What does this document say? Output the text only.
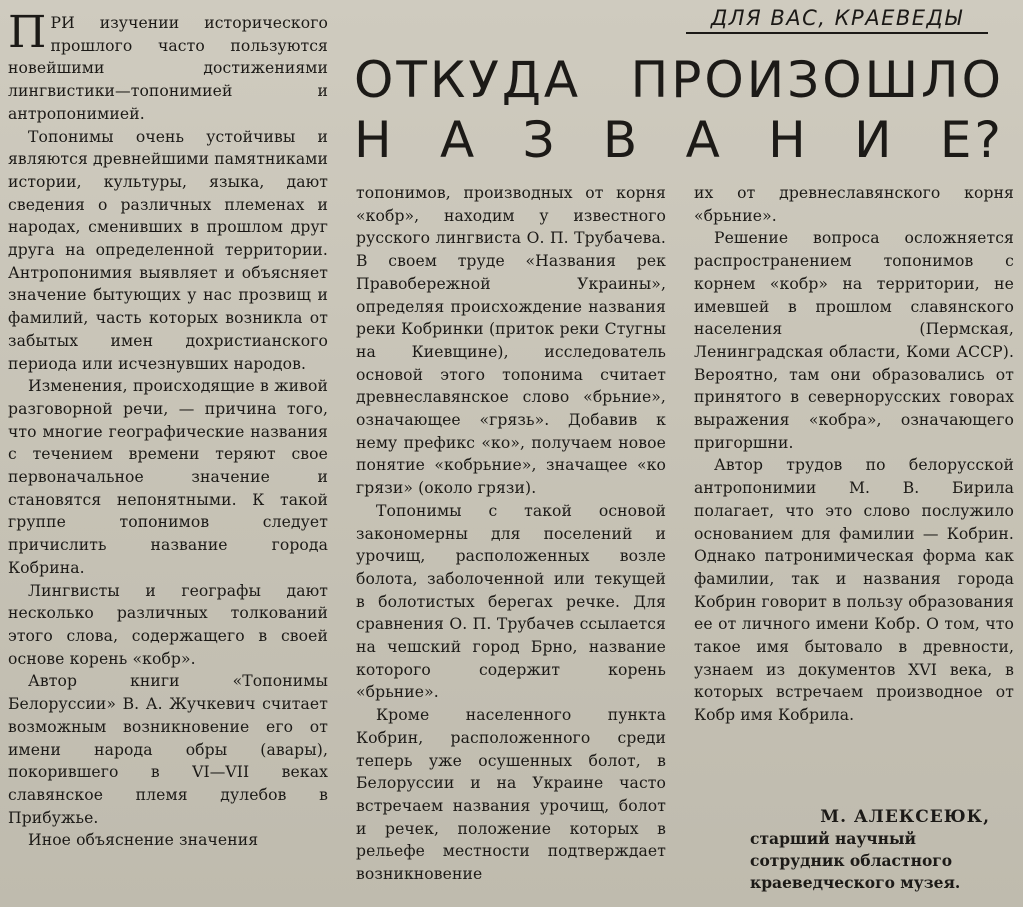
ДЛЯ ВАС, КРАЕВЕДЫ
ОТКУДА ПРОИЗОШЛО
Н А З В А Н И Е?

ПРИ изучении исторического прошлого часто пользуются новейшими достижениями лингвистики—топонимией и антропонимией.

Топонимы очень устойчивы и являются древнейшими памятниками истории, культуры, языка, дают сведения о различных племенах и народах, сменивших в прошлом друг друга на определенной территории. Антропонимия выявляет и объясняет значение бытующих у нас прозвищ и фамилий, часть которых возникла от забытых имен дохристианского периода или исчезнувших народов.

Изменения, происходящие в живой разговорной речи, — причина того, что многие географические названия с течением времени теряют свое первоначальное значение и становятся непонятными. К такой группе топонимов следует причислить название города Кобрина.

Лингвисты и географы дают несколько различных толкований этого слова, содержащего в своей основе корень «кобр».

Автор книги «Топонимы Белоруссии» В. А. Жучкевич считает возможным возникновение его от имени народа обры (авары), покорившего в VI—VII веках славянское племя дулебов в Прибужье.

Иное объяснение значения

топонимов, производных от корня «кобр», находим у известного русского лингвиста О. П. Трубачева. В своем труде «Названия рек Правобережной Украины», определяя происхождение названия реки Кобринки (приток реки Стугны на Киевщине), исследователь основой этого топонима считает древнеславянское слово «брьние», означающее «грязь». Добавив к нему префикс «ко», получаем новое понятие «кобрьние», значащее «ко грязи» (около грязи).

Топонимы с такой основой закономерны для поселений и урочищ, расположенных возле болота, заболоченной или текущей в болотистых берегах речке. Для сравнения О. П. Трубачев ссылается на чешский город Брно, название которого содержит корень «брьние».

Кроме населенного пункта Кобрин, расположенного среди теперь уже осушенных болот, в Белоруссии и на Украине часто встречаем названия урочищ, болот и речек, положение которых в рельефе местности подтверждает возникновение

их от древнеславянского корня «брьние».

Решение вопроса осложняется распространением топонимов с корнем «кобр» на территории, не имевшей в прошлом славянского населения (Пермская, Ленинградская области, Коми АССР). Вероятно, там они образовались от принятого в севернорусских говорах выражения «кобра», означающего пригоршни.

Автор трудов по белорусской антропонимии М. В. Бирила полагает, что это слово послужило основанием для фамилии — Кобрин. Однако патронимическая форма как фамилии, так и названия города Кобрин говорит в пользу образования ее от личного имени Кобр. О том, что такое имя бытовало в древности, узнаем из документов XVI века, в которых встречаем производное от Кобр имя Кобрила.

М. АЛЕКСЕЮК,
старший научный сотрудник областного краеведческого музея.
